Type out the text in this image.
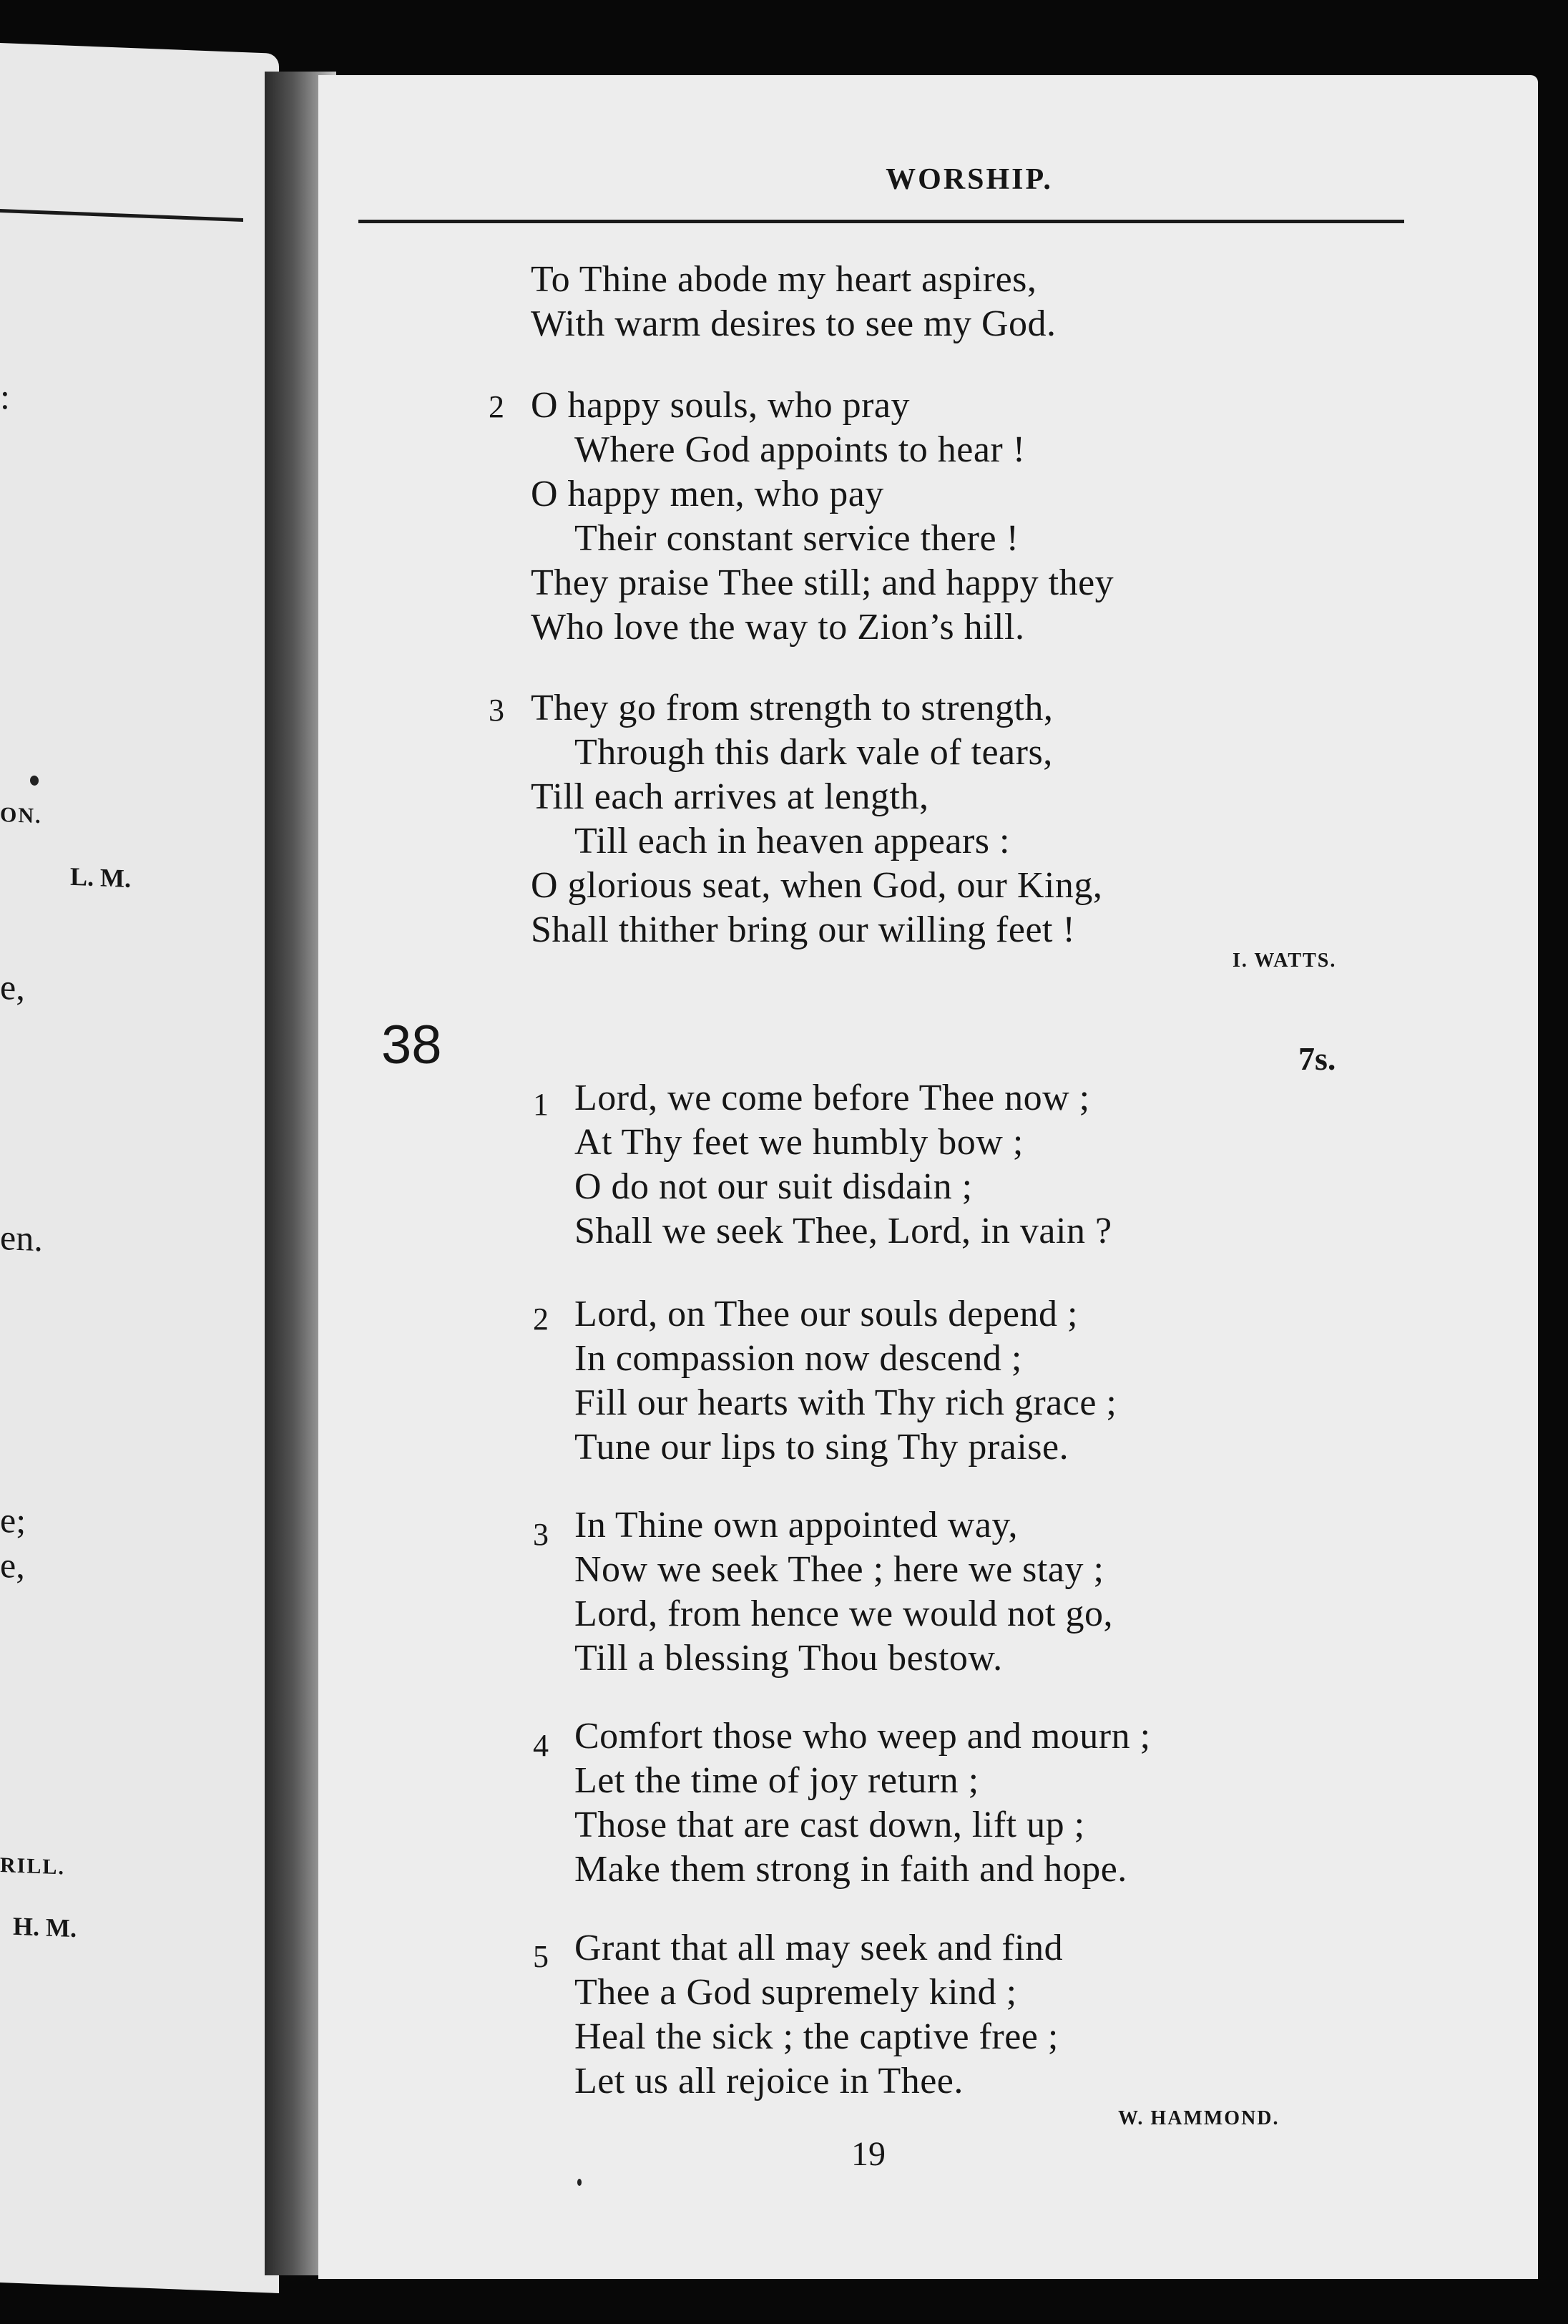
:
ON.
L. M.
e,
en.
e;
e,
RILL.
H. M.
WORSHIP.
To Thine abode my heart aspires,
With warm desires to see my God.
2 O happy souls, who pray
Where God appoints to hear !
O happy men, who pay
Their constant service there !
They praise Thee still; and happy they
Who love the way to Zion’s hill.
3 They go from strength to strength,
Through this dark vale of tears,
Till each arrives at length,
Till each in heaven appears :
O glorious seat, when God, our King,
Shall thither bring our willing feet !
I. WATTS.
38	7s.
1 Lord, we come before Thee now ;
At Thy feet we humbly bow ;
O do not our suit disdain ;
Shall we seek Thee, Lord, in vain ?
2 Lord, on Thee our souls depend ;
In compassion now descend ;
Fill our hearts with Thy rich grace ;
Tune our lips to sing Thy praise.
3 In Thine own appointed way,
Now we seek Thee ; here we stay ;
Lord, from hence we would not go,
Till a blessing Thou bestow.
4 Comfort those who weep and mourn ;
Let the time of joy return ;
Those that are cast down, lift up ;
Make them strong in faith and hope.
5 Grant that all may seek and find
Thee a God supremely kind ;
Heal the sick ; the captive free ;
Let us all rejoice in Thee.
W. HAMMOND.
19
